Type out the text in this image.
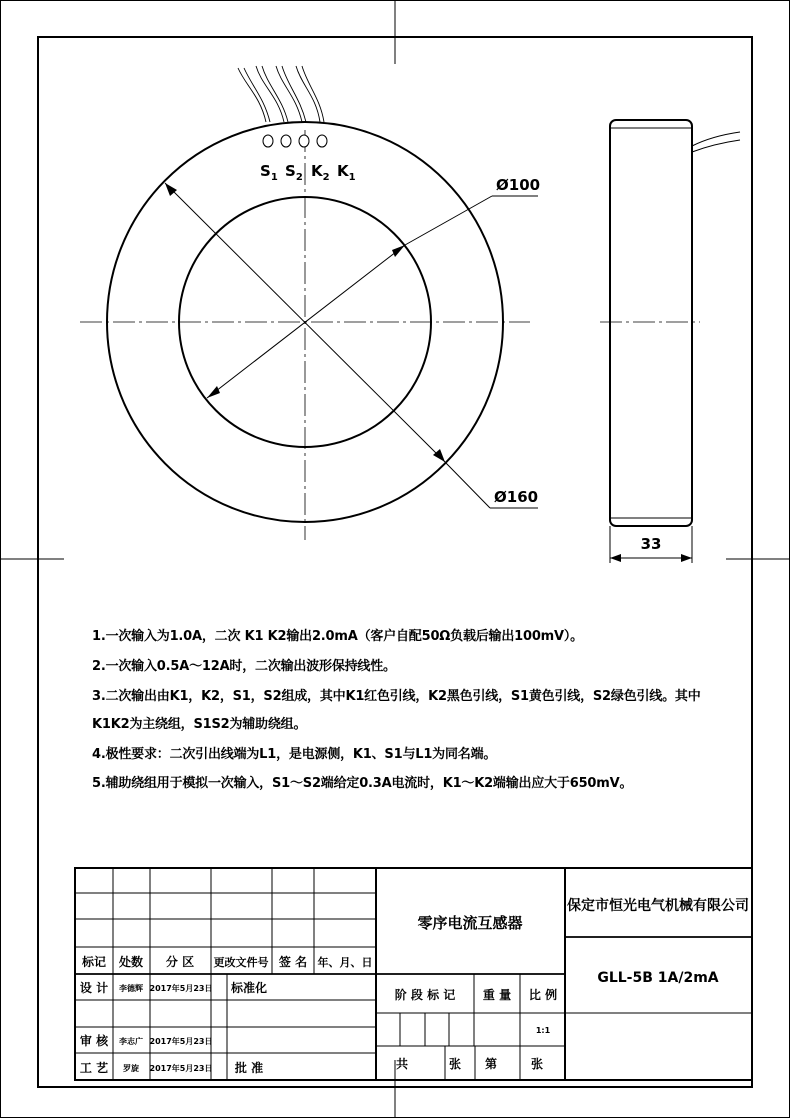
Ø100
Ø160
$S_1$ $S_2$ $K_2$ $K_1$
33
标记 处数 分 区 更改文件号 签 名 年、月、日
设 计 李德辉 2017年5月23日 标准化
审 核 李志广 2017年5月23日
工 艺 罗旋 2017年5月23日 批 准
零序电流互感器
阶 段 标 记 重 量 比 例
1:1
共	张 第	张
保定市恒光电气机械有限公司
GLL-5B 1A/2mA
1.一次输入为1.0A，二次 K1 K2输出2.0mA（客户自配50Ω负载后输出100mV）。
2.一次输入0.5A～12A时，二次输出波形保持线性。
3.二次输出由K1，K2，S1，S2组成，其中K1红色引线，K2黑色引线，S1黄色引线，S2绿色引线。其中
K1K2为主绕组，S1S2为辅助绕组。
4.极性要求：二次引出线端为L1，是电源侧，K1、S1与L1为同名端。
5.辅助绕组用于模拟一次输入，S1～S2端给定0.3A电流时，K1～K2端输出应大于650mV。
